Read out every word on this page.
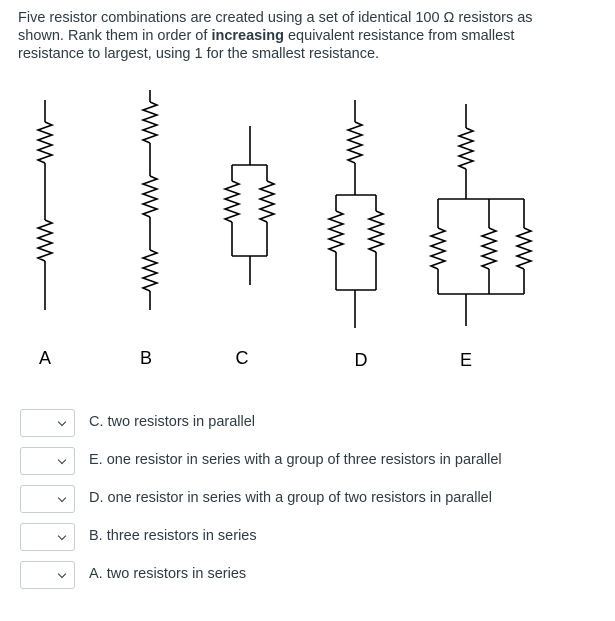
Five resistor combinations are created using a set of identical 100 Ω resistors as
shown. Rank them in order of increasing equivalent resistance from smallest
resistance to largest, using 1 for the smallest resistance.
A	B	C	D	E
C. two resistors in parallel
E. one resistor in series with a group of three resistors in parallel
D. one resistor in series with a group of two resistors in parallel
B. three resistors in series
A. two resistors in series
